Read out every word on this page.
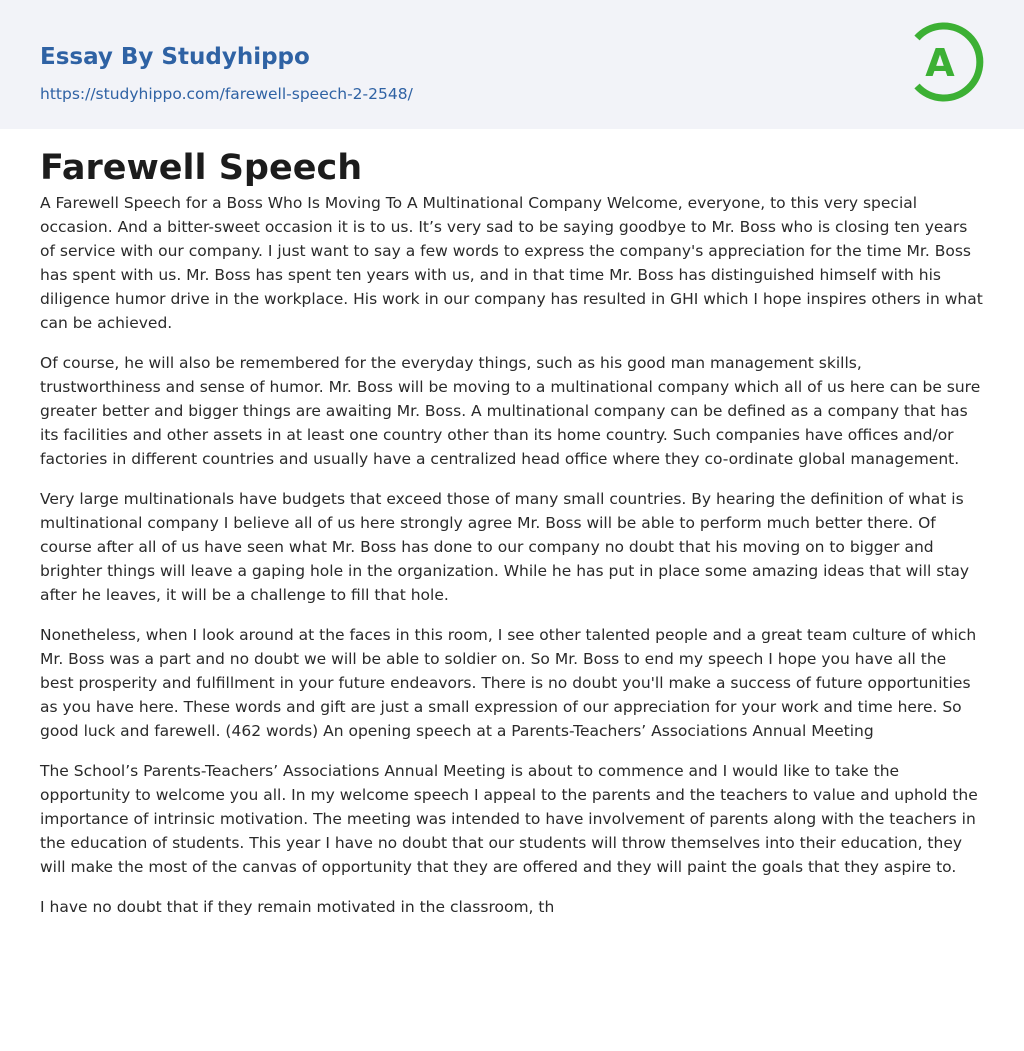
Essay By Studyhippo
https://studyhippo.com/farewell-speech-2-2548/
A
Farewell Speech

A Farewell Speech for a Boss Who Is Moving To A Multinational Company Welcome, everyone, to this very special occasion. And a bitter-sweet occasion it is to us. It’s very sad to be saying goodbye to Mr. Boss who is closing ten years of service with our company. I just want to say a few words to express the company's appreciation for the time Mr. Boss has spent with us. Mr. Boss has spent ten years with us, and in that time Mr. Boss has distinguished himself with his diligence humor drive in the workplace. His work in our company has resulted in GHI which I hope inspires others in what can be achieved.

Of course, he will also be remembered for the everyday things, such as his good man management skills, trustworthiness and sense of humor. Mr. Boss will be moving to a multinational company which all of us here can be sure greater better and bigger things are awaiting Mr. Boss. A multinational company can be defined as a company that has its facilities and other assets in at least one country other than its home country. Such companies have offices and/or factories in different countries and usually have a centralized head office where they co-ordinate global management.

Very large multinationals have budgets that exceed those of many small countries. By hearing the definition of what is multinational company I believe all of us here strongly agree Mr. Boss will be able to perform much better there. Of course after all of us have seen what Mr. Boss has done to our company no doubt that his moving on to bigger and brighter things will leave a gaping hole in the organization. While he has put in place some amazing ideas that will stay after he leaves, it will be a challenge to fill that hole.

Nonetheless, when I look around at the faces in this room, I see other talented people and a great team culture of which Mr. Boss was a part and no doubt we will be able to soldier on. So Mr. Boss to end my speech I hope you have all the best prosperity and fulfillment in your future endeavors. There is no doubt you'll make a success of future opportunities as you have here. These words and gift are just a small expression of our appreciation for your work and time here. So good luck and farewell. (462 words) An opening speech at a Parents-Teachers’ Associations Annual Meeting

The School’s Parents-Teachers’ Associations Annual Meeting is about to commence and I would like to take the opportunity to welcome you all. In my welcome speech I appeal to the parents and the teachers to value and uphold the importance of intrinsic motivation. The meeting was intended to have involvement of parents along with the teachers in the education of students. This year I have no doubt that our students will throw themselves into their education, they will make the most of the canvas of opportunity that they are offered and they will paint the goals that they aspire to.

I have no doubt that if they remain motivated in the classroom, th
